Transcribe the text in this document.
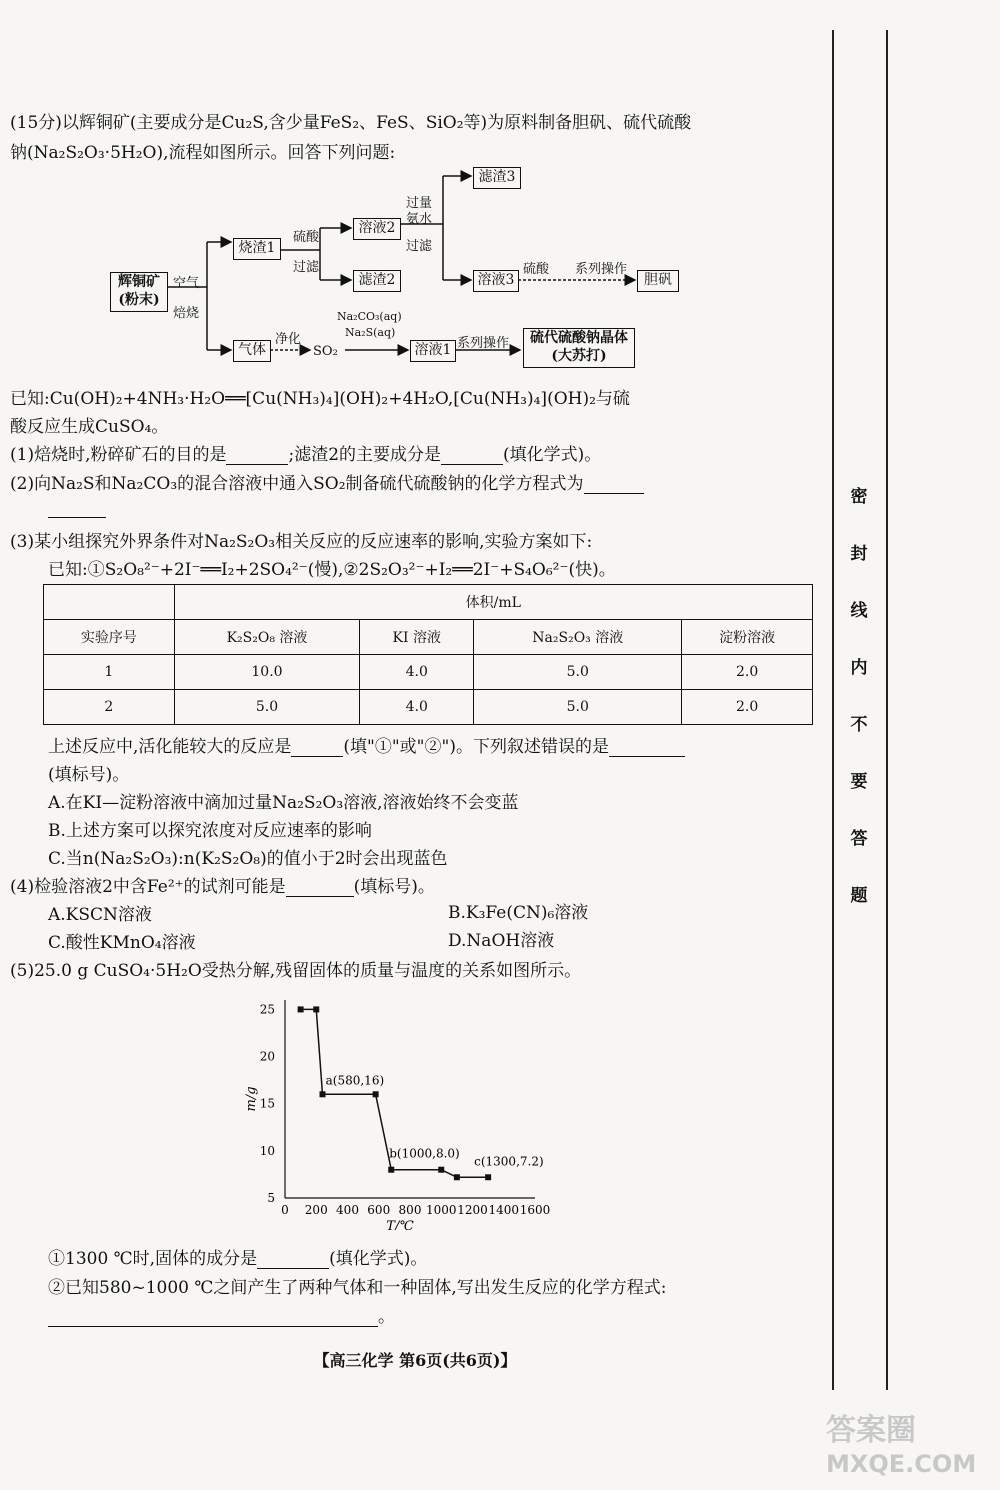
密
封
线
内
不
要
答
题
(15分)以辉铜矿(主要成分是Cu₂S,含少量FeS₂、FeS、SiO₂等)为原料制备胆矾、硫代硫酸
钠(Na₂S₂O₃·5H₂O),流程如图所示。回答下列问题:
辉铜矿
(粉末)
空气
焙烧
烧渣1
硫酸
过滤
溶液2
滤渣2
过量
氨水
过滤
滤渣3
溶液3
硫酸 系列操作
胆矾
气体
净化
SO₂
Na₂CO₃(aq)
Na₂S(aq)
溶液1 系列操作	硫代硫酸钠晶体
(大苏打)
已知:Cu(OH)₂+4NH₃·H₂O══[Cu(NH₃)₄](OH)₂+4H₂O,[Cu(NH₃)₄](OH)₂与硫
酸反应生成CuSO₄。
(1)焙烧时,粉碎矿石的目的是	;滤渣2的主要成分是	(填化学式)。
(2)向Na₂S和Na₂CO₃的混合溶液中通入SO₂制备硫代硫酸钠的化学方程式为
(3)某小组探究外界条件对Na₂S₂O₃相关反应的反应速率的影响,实验方案如下:
已知:①S₂O₈²⁻+2I⁻══I₂+2SO₄²⁻(慢),②2S₂O₃²⁻+I₂══2I⁻+S₄O₆²⁻(快)。
	体积/mL			
实验序号	K₂S₂O₈ 溶液	KI 溶液	Na₂S₂O₃ 溶液	淀粉溶液
1	10.0	4.0	5.0	2.0
2	5.0	4.0	5.0	2.0
上述反应中,活化能较大的反应是	(填"①"或"②")。下列叙述错误的是
(填标号)。
A.在KI—淀粉溶液中滴加过量Na₂S₂O₃溶液,溶液始终不会变蓝
B.上述方案可以探究浓度对反应速率的影响
C.当n(Na₂S₂O₃):n(K₂S₂O₈)的值小于2时会出现蓝色
(4)检验溶液2中含Fe²⁺的试剂可能是	(填标号)。
A.KSCN溶液	B.K₃Fe(CN)₆溶液
C.酸性KMnO₄溶液	D.NaOH溶液
(5)25.0 g CuSO₄·5H₂O受热分解,残留固体的质量与温度的关系如图所示。
0 200 400 600 800 1000 1200 1400 1600
5
10
15
20
25
T/℃
m/g
a(580,16)
b(1000,8.0)
c(1300,7.2)
①1300 ℃时,固体的成分是	(填化学式)。
②已知580~1000 ℃之间产生了两种气体和一种固体,写出发生反应的化学方程式:
。
【高三化学 第6页(共6页)】
答案圈
MXQE.COM
